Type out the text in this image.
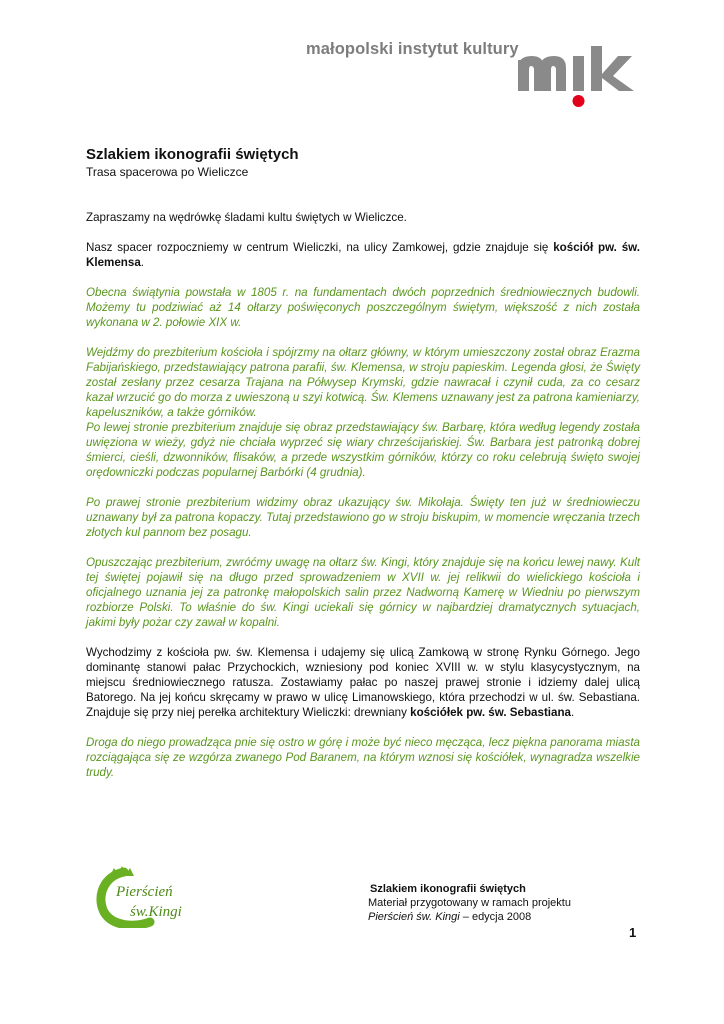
małopolski instytut kultury
Szlakiem ikonografii świętych
Trasa spacerowa po Wieliczce

Zapraszamy na wędrówkę śladami kultu świętych w Wieliczce.

Nasz spacer rozpoczniemy w centrum Wieliczki, na ulicy Zamkowej, gdzie znajduje się kościół pw. św. Klemensa.

Obecna świątynia powstała w 1805 r. na fundamentach dwóch poprzednich średniowiecznych budowli. Możemy tu podziwiać aż 14 ołtarzy poświęconych poszczególnym świętym, większość z nich została wykonana w 2. połowie XIX w.

Wejdźmy do prezbiterium kościoła i spójrzmy na ołtarz główny, w którym umieszczony został obraz Erazma Fabijańskiego, przedstawiający patrona parafii, św. Klemensa, w stroju papieskim. Legenda głosi, że Święty został zesłany przez cesarza Trajana na Półwysep Krymski, gdzie nawracał i czynił cuda, za co cesarz kazał wrzucić go do morza z uwieszoną u szyi kotwicą. Św. Klemens uznawany jest za patrona kamieniarzy, kapeluszników, a także górników.

Po lewej stronie prezbiterium znajduje się obraz przedstawiający św. Barbarę, która według legendy została uwięziona w wieży, gdyż nie chciała wyprzeć się wiary chrześcijańskiej. Św. Barbara jest patronką dobrej śmierci, cieśli, dzwonników, flisaków, a przede wszystkim górników, którzy co roku celebrują święto swojej orędowniczki podczas popularnej Barbórki (4 grudnia).

Po prawej stronie prezbiterium widzimy obraz ukazujący św. Mikołaja. Święty ten już w średniowieczu uznawany był za patrona kopaczy. Tutaj przedstawiono go w stroju biskupim, w momencie wręczania trzech złotych kul pannom bez posagu.

Opuszczając prezbiterium, zwróćmy uwagę na ołtarz św. Kingi, który znajduje się na końcu lewej nawy. Kult tej świętej pojawił się na długo przed sprowadzeniem w XVII w. jej relikwii do wielickiego kościoła i oficjalnego uznania jej za patronkę małopolskich salin przez Nadworną Kamerę w Wiedniu po pierwszym rozbiorze Polski. To właśnie do św. Kingi uciekali się górnicy w najbardziej dramatycznych sytuacjach, jakimi były pożar czy zawał w kopalni.

Wychodzimy z kościoła pw. św. Klemensa i udajemy się ulicą Zamkową w stronę Rynku Górnego. Jego dominantę stanowi pałac Przychockich, wzniesiony pod koniec XVIII w. w stylu klasycystycznym, na miejscu średniowiecznego ratusza. Zostawiamy pałac po naszej prawej stronie i idziemy dalej ulicą Batorego. Na jej końcu skręcamy w prawo w ulicę Limanowskiego, która przechodzi w ul. św. Sebastiana. Znajduje się przy niej perełka architektury Wieliczki: drewniany kościółek pw. św. Sebastiana.

Droga do niego prowadząca pnie się ostro w górę i może być nieco męcząca, lecz piękna panorama miasta rozciągająca się ze wzgórza zwanego Pod Baranem, na którym wznosi się kościółek, wynagradza wszelkie trudy.

Pierścień
św.Kingi
Szlakiem ikonografii świętych
Materiał przygotowany w ramach projektu
Pierścień św. Kingi – edycja 2008
1
